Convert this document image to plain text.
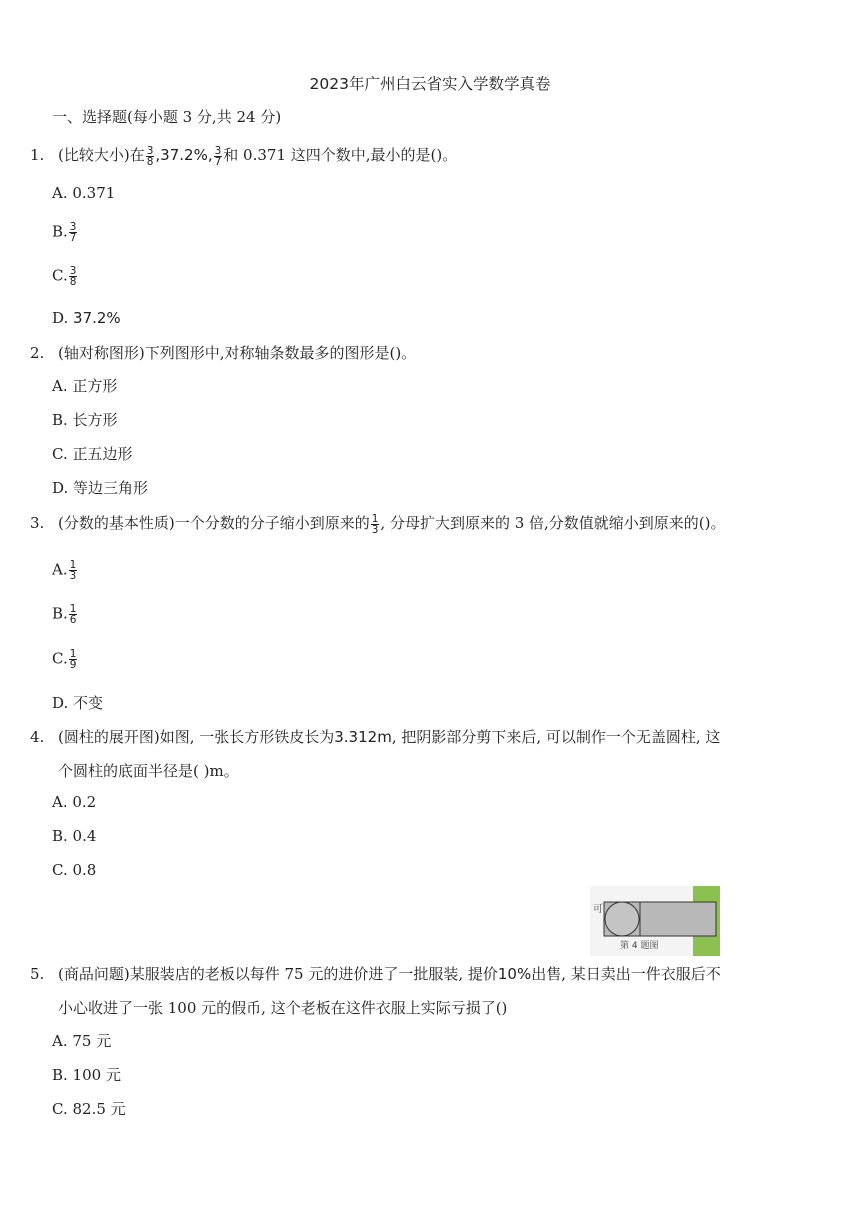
2023年广州白云省实入学数学真卷
一、选择题(每小题 3 分,共 24 分)
1. (比较大小)在 $\frac{3}{8} ,37.2\%$, $\frac{3}{7}$ 和 0.371 这四个数中,最小的是()。
A. 0.371
B. $\frac{3}{7}$
C. $\frac{3}{8}$
D. 37.2%
2. (轴对称图形)下列图形中,对称轴条数最多的图形是()。
A. 正方形
B. 长方形
C. 正五边形
D. 等边三角形
3. (分数的基本性质)一个分数的分子缩小到原来的 $\frac{1}{3}$ , 分母扩大到原来的 3 倍,分数值就缩小到原来的()。
A. $\frac{1}{3}$
B. $\frac{1}{6}$
C. $\frac{1}{9}$
D. 不变
4. (圆柱的展开图)如图, 一张长方形铁皮长为3.312m, 把阴影部分剪下来后, 可以制作一个无盖圆柱, 这
个圆柱的底面半径是( )m。
A. 0.2
B. 0.4
C. 0.8
可
第 4 题图
5. (商品问题)某服装店的老板以每件 75 元的进价进了一批服装, 提价10%出售, 某日卖出一件衣服后不
小心收进了一张 100 元的假币, 这个老板在这件衣服上实际亏损了()
A. 75 元
B. 100 元
C. 82.5 元
